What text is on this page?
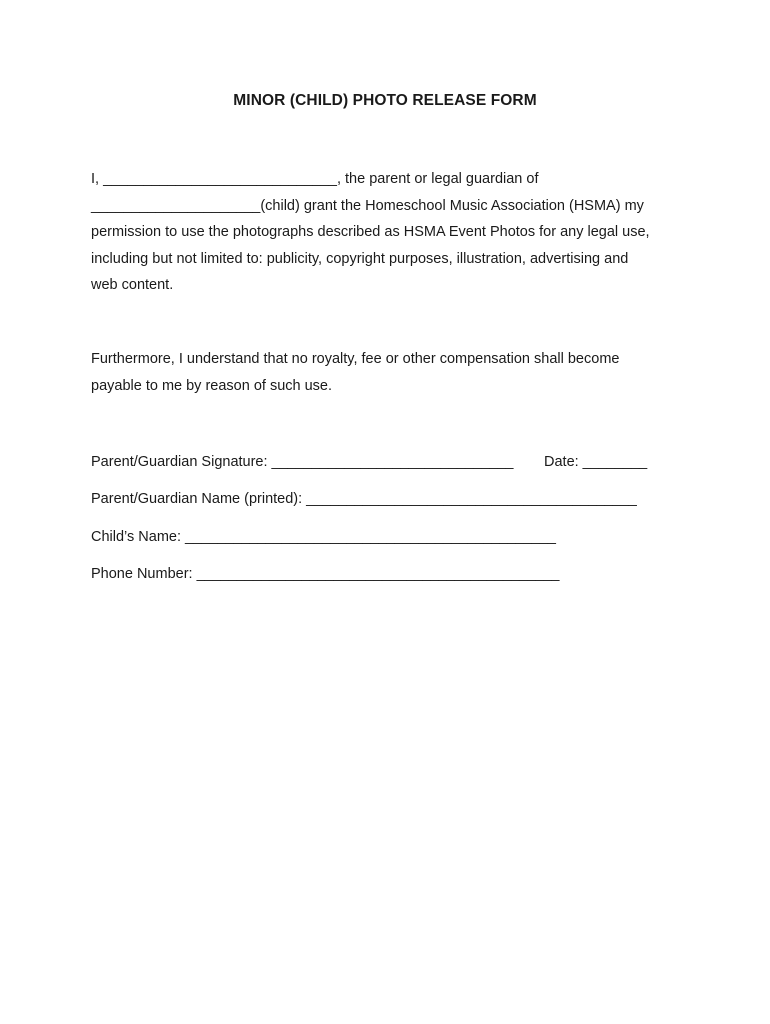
MINOR (CHILD) PHOTO RELEASE FORM

I, _____________________________, the parent or legal guardian of

_____________________(child) grant the Homeschool Music Association (HSMA) my

permission to use the photographs described as HSMA Event Photos for any legal use,

including but not limited to: publicity, copyright purposes, illustration, advertising and

web content.

Furthermore, I understand that no royalty, fee or other compensation shall become

payable to me by reason of such use.

Parent/Guardian Signature: ______________________________ Date: ________
Parent/Guardian Name (printed): _________________________________________
Child’s Name: ______________________________________________
Phone Number: _____________________________________________
